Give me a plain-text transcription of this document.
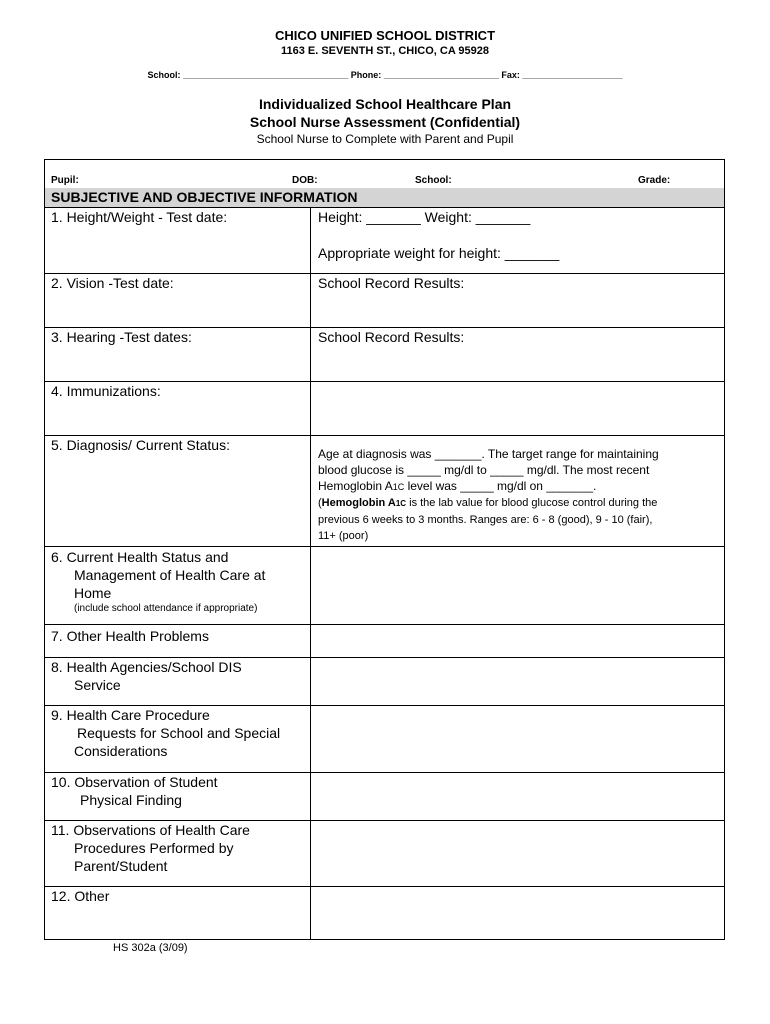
CHICO UNIFIED SCHOOL DISTRICT
1163 E. SEVENTH ST., CHICO, CA 95928
School: _________________________________ Phone: _______________________ Fax: ____________________
Individualized School Healthcare Plan
School Nurse Assessment (Confidential)
School Nurse to Complete with Parent and Pupil
Pupil:	DOB:	School:	Grade:
SUBJECTIVE AND OBJECTIVE INFORMATION
1. Height/Weight - Test date:	Height: _______ Weight: _______
Appropriate weight for height: _______
2. Vision -Test date:	School Record Results:
3. Hearing -Test dates:	School Record Results:
4. Immunizations:
5. Diagnosis/ Current Status:
Age at diagnosis was _______. The target range for maintaining
blood glucose is _____ mg/dl to _____ mg/dl. The most recent
Hemoglobin A1C level was _____ mg/dl on _______.
(Hemoglobin A1C is the lab value for blood glucose control during the
previous 6 weeks to 3 months. Ranges are: 6 - 8 (good), 9 - 10 (fair),
11+ (poor)
6. Current Health Status and
Management of Health Care at
Home
(include school attendance if appropriate)
7. Other Health Problems
8. Health Agencies/School DIS
Service
9. Health Care Procedure
Requests for School and Special
Considerations
10. Observation of Student
Physical Finding
11. Observations of Health Care
Procedures Performed by
Parent/Student
12. Other
HS 302a (3/09)
